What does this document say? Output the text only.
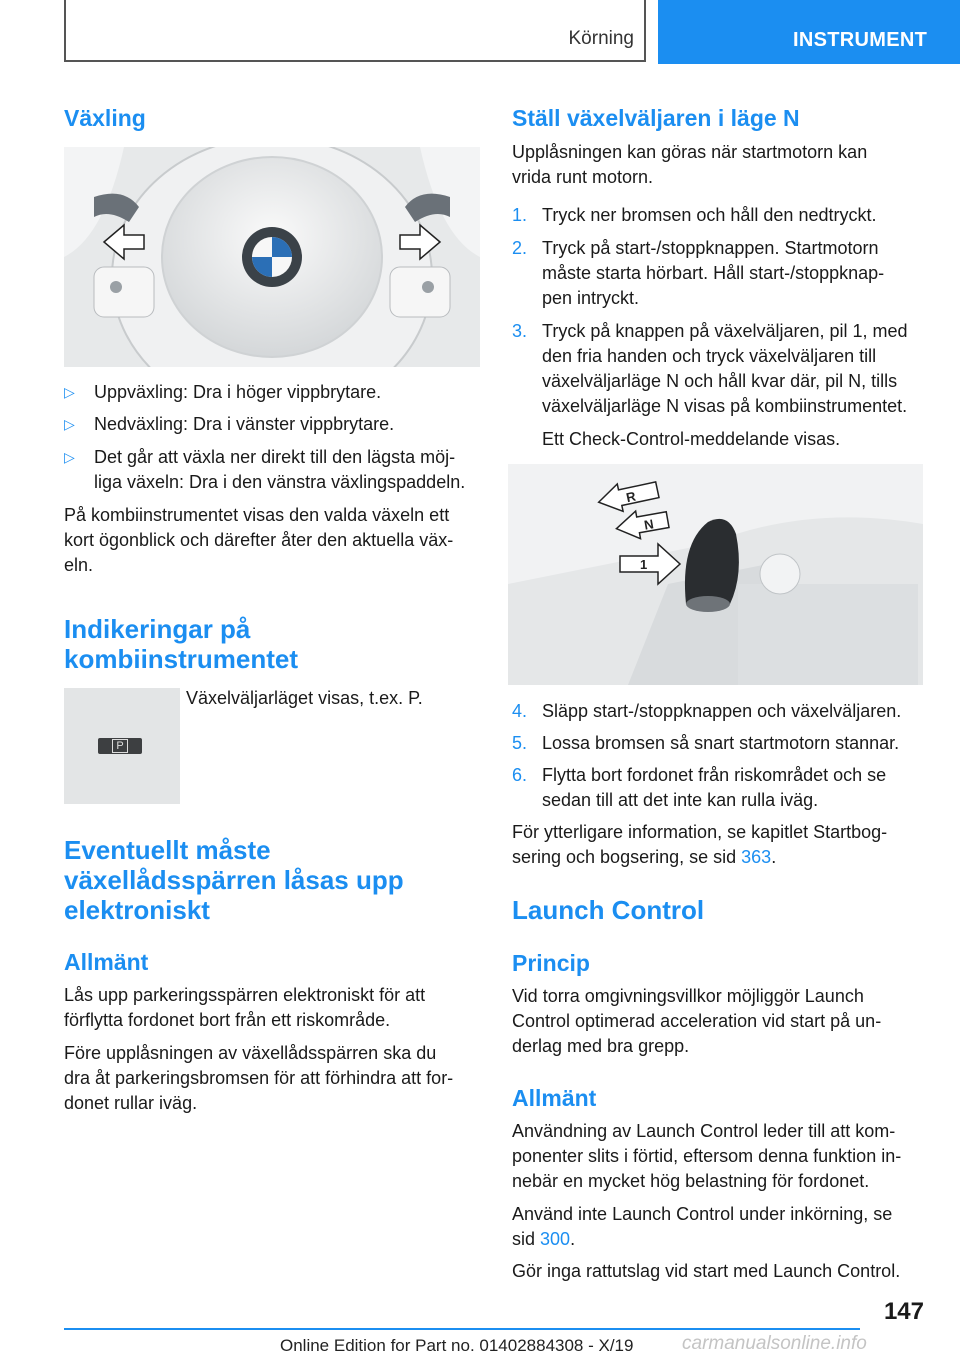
Körning	INSTRUMENT
Växling
▷ Uppväxling: Dra i höger vippbrytare.
▷ Nedväxling: Dra i vänster vippbrytare.
▷ Det går att växla ner direkt till den lägsta möj-
liga växeln: Dra i den vänstra växlingspaddeln.

På kombiinstrumentet visas den valda växeln ett
kort ögonblick och därefter åter den aktuella väx-
eln.

Indikeringar på
kombiinstrumentet
P

Växelväljarläget visas, t.ex. P.

Eventuellt måste
växellådsspärren låsas upp
elektroniskt
Allmänt

Lås upp parkeringsspärren elektroniskt för att
förflytta fordonet bort från ett riskområde.

Före upplåsningen av växellådsspärren ska du
dra åt parkeringsbromsen för att förhindra att for-
donet rullar iväg.

Ställ växelväljaren i läge N

Upplåsningen kan göras när startmotorn kan
vrida runt motorn.

1. Tryck ner bromsen och håll den nedtryckt.
2. Tryck på start-/stoppknappen. Startmotorn
måste starta hörbart. Håll start-/stoppknap-
pen intryckt.
3. Tryck på knappen på växelväljaren, pil 1, med
den fria handen och tryck växelväljaren till
växelväljarläge N och håll kvar där, pil N, tills
växelväljarläge N visas på kombiinstrumentet.

Ett Check-Control-meddelande visas.

R
N
1
4. Släpp start-/stoppknappen och växelväljaren.
5. Lossa bromsen så snart startmotorn stannar.
6. Flytta bort fordonet från riskområdet och se
sedan till att det inte kan rulla iväg.

För ytterligare information, se kapitlet Startbog-
sering och bogsering, se sid 363.

Launch Control
Princip

Vid torra omgivningsvillkor möjliggör Launch
Control optimerad acceleration vid start på un-
derlag med bra grepp.

Allmänt

Användning av Launch Control leder till att kom-
ponenter slits i förtid, eftersom denna funktion in-
nebär en mycket hög belastning för fordonet.

Använd inte Launch Control under inkörning, se
sid 300.

Gör inga rattutslag vid start med Launch Control.

147
Online Edition for Part no. 01402884308 - X/19	carmanualsonline.info
